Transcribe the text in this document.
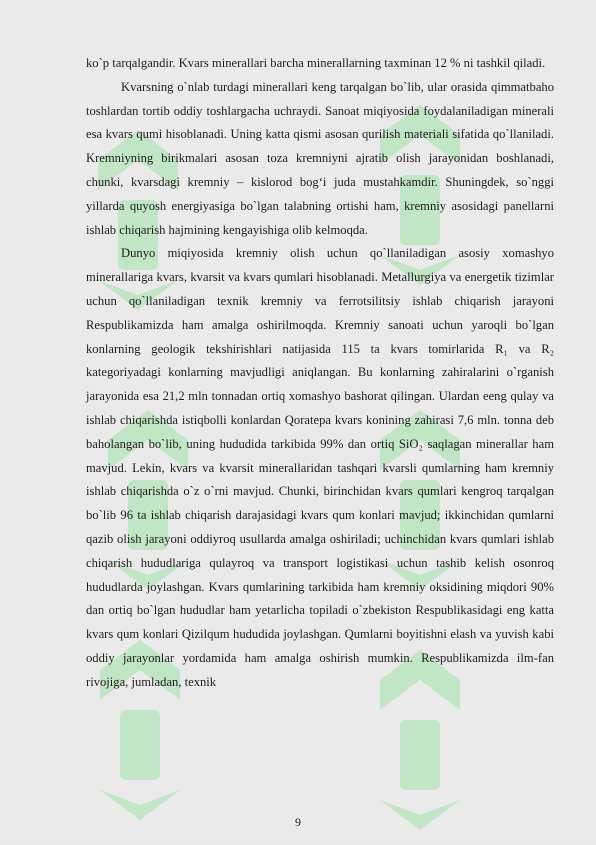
ko`p tarqalgandir. Kvars minerallari barcha minerallarning taxminan 12 % ni tashkil qiladi.

Kvarsning o`nlab turdagi minerallari keng tarqalgan bo`lib, ular orasida qimmatbaho toshlardan tortib oddiy toshlargacha uchraydi. Sanoat miqiyosida foydalaniladigan minerali esa kvars qumi hisoblanadi. Uning katta qismi asosan qurilish materiali sifatida qo`llaniladi. Kremniyning birikmalari asosan toza kremniyni ajratib olish jarayonidan boshlanadi, chunki, kvarsdagi kremniy – kislorod bog‘i juda mustahkamdir. Shuningdek, so`nggi yillarda quyosh energiyasiga bo`lgan talabning ortishi ham, kremniy asosidagi panellarni ishlab chiqarish hajmining kengayishiga olib kelmoqda.

Dunyo miqiyosida kremniy olish uchun qo`llaniladigan asosiy xomashyo minerallariga kvars, kvarsit va kvars qumlari hisoblanadi. Metallurgiya va energetik tizimlar uchun qo`llaniladigan texnik kremniy va ferrotsilitsiy ishlab chiqarish jarayoni Respublikamizda ham amalga oshirilmoqda. Kremniy sanoati uchun yaroqli bo`lgan konlarning geologik tekshirishlari natijasida 115 ta kvars tomirlarida R₁ va R₂ kategoriyadagi konlarning mavjudligi aniqlangan. Bu konlarning zahiralarini o`rganish jarayonida esa 21,2 mln tonnadan ortiq xomashyo bashorat qilingan. Ulardan eeng qulay va ishlab chiqarishda istiqbolli konlardan Qoratepa kvars konining zahirasi 7,6 mln. tonna deb baholangan bo`lib, uning hududida tarkibida 99% dan ortiq SiO₂ saqlagan minerallar ham mavjud. Lekin, kvars va kvarsit minerallaridan tashqari kvarsli qumlarning ham kremniy ishlab chiqarishda o`z o`rni mavjud. Chunki, birinchidan kvars qumlari kengroq tarqalgan bo`lib 96 ta ishlab chiqarish darajasidagi kvars qum konlari mavjud; ikkinchidan qumlarni qazib olish jarayoni oddiyroq usullarda amalga oshiriladi; uchinchidan kvars qumlari ishlab chiqarish hududlariga qulayroq va transport logistikasi uchun tashib kelish osonroq hududlarda joylashgan. Kvars qumlarining tarkibida ham kremniy oksidining miqdori 90% dan ortiq bo`lgan hududlar ham yetarlicha topiladi o`zbekiston Respublikasidagi eng katta kvars qum konlari Qizilqum hududida joylashgan. Qumlarni boyitishni elash va yuvish kabi oddiy jarayonlar yordamida ham amalga oshirish mumkin. Respublikamizda ilm-fan rivojiga, jumladan, texnik

9
